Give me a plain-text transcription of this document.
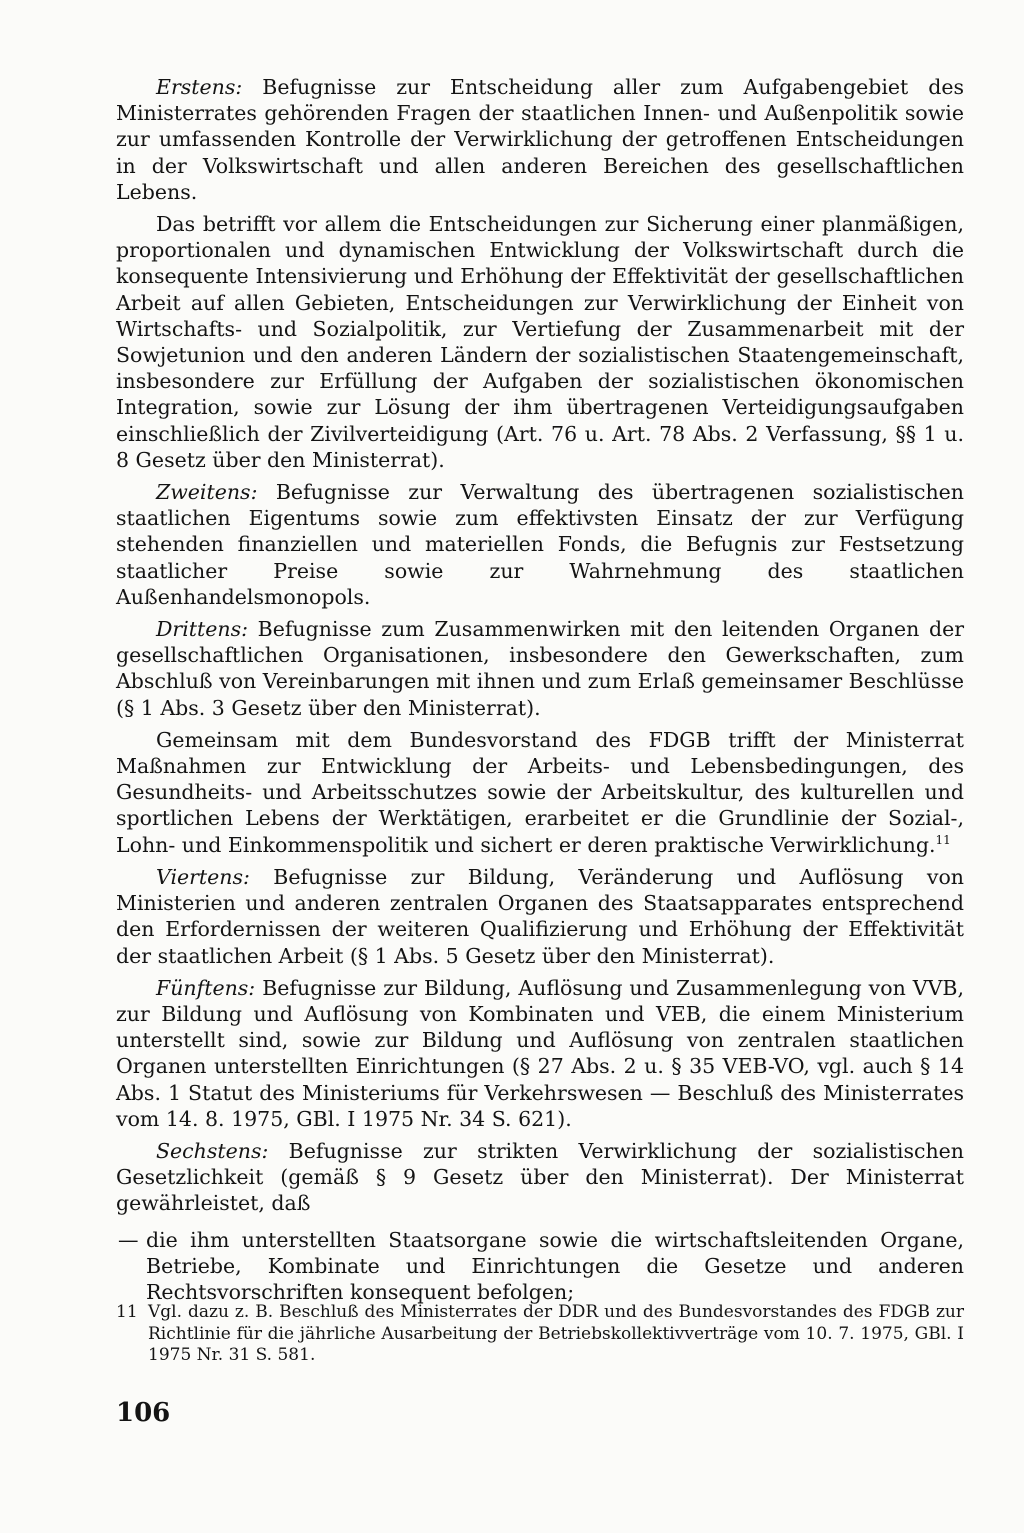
Erstens: Befugnisse zur Entscheidung aller zum Aufgabengebiet des Ministerrates gehörenden Fragen der staatlichen Innen- und Außenpolitik sowie zur umfassenden Kontrolle der Verwirklichung der getroffenen Entscheidungen in der Volkswirtschaft und allen anderen Bereichen des gesellschaftlichen Lebens.

Das betrifft vor allem die Entscheidungen zur Sicherung einer planmäßigen, proportionalen und dynamischen Entwicklung der Volkswirtschaft durch die konsequente Intensivierung und Erhöhung der Effektivität der gesellschaftlichen Arbeit auf allen Gebieten, Entscheidungen zur Verwirklichung der Einheit von Wirtschafts- und Sozialpolitik, zur Vertiefung der Zusammenarbeit mit der Sowjetunion und den anderen Ländern der sozialistischen Staatengemeinschaft, insbesondere zur Erfüllung der Aufgaben der sozialistischen ökonomischen Integration, sowie zur Lösung der ihm übertragenen Verteidigungsaufgaben einschließlich der Zivilverteidigung (Art. 76 u. Art. 78 Abs. 2 Verfassung, §§ 1 u. 8 Gesetz über den Ministerrat).

Zweitens: Befugnisse zur Verwaltung des übertragenen sozialistischen staatlichen Eigentums sowie zum effektivsten Einsatz der zur Verfügung stehenden finanziellen und materiellen Fonds, die Befugnis zur Festsetzung staatlicher Preise sowie zur Wahrnehmung des staatlichen Außenhandelsmonopols.

Drittens: Befugnisse zum Zusammenwirken mit den leitenden Organen der gesellschaftlichen Organisationen, insbesondere den Gewerkschaften, zum Abschluß von Vereinbarungen mit ihnen und zum Erlaß gemeinsamer Beschlüsse (§ 1 Abs. 3 Gesetz über den Ministerrat).

Gemeinsam mit dem Bundesvorstand des FDGB trifft der Ministerrat Maßnahmen zur Entwicklung der Arbeits- und Lebensbedingungen, des Gesundheits- und Arbeitsschutzes sowie der Arbeitskultur, des kulturellen und sportlichen Lebens der Werktätigen, erarbeitet er die Grundlinie der Sozial-, Lohn- und Einkommenspolitik und sichert er deren praktische Verwirklichung.$^{11}$

Viertens: Befugnisse zur Bildung, Veränderung und Auflösung von Ministerien und anderen zentralen Organen des Staatsapparates entsprechend den Erfordernissen der weiteren Qualifizierung und Erhöhung der Effektivität der staatlichen Arbeit (§ 1 Abs. 5 Gesetz über den Ministerrat).

Fünftens: Befugnisse zur Bildung, Auflösung und Zusammenlegung von VVB, zur Bildung und Auflösung von Kombinaten und VEB, die einem Ministerium unterstellt sind, sowie zur Bildung und Auflösung von zentralen staatlichen Organen unterstellten Einrichtungen (§ 27 Abs. 2 u. § 35 VEB-VO, vgl. auch § 14 Abs. 1 Statut des Ministeriums für Verkehrswesen — Beschluß des Ministerrates vom 14. 8. 1975, GBl. I 1975 Nr. 34 S. 621).

Sechstens: Befugnisse zur strikten Verwirklichung der sozialistischen Gesetzlichkeit (gemäß § 9 Gesetz über den Ministerrat). Der Ministerrat gewährleistet, daß

— die ihm unterstellten Staatsorgane sowie die wirtschaftsleitenden Organe, Betriebe, Kombinate und Einrichtungen die Gesetze und anderen Rechtsvorschriften konsequent befolgen;

11 Vgl. dazu z. B. Beschluß des Ministerrates der DDR und des Bundesvorstandes des FDGB zur Richtlinie für die jährliche Ausarbeitung der Betriebskollektivverträge vom 10. 7. 1975, GBl. I 1975 Nr. 31 S. 581.
106
